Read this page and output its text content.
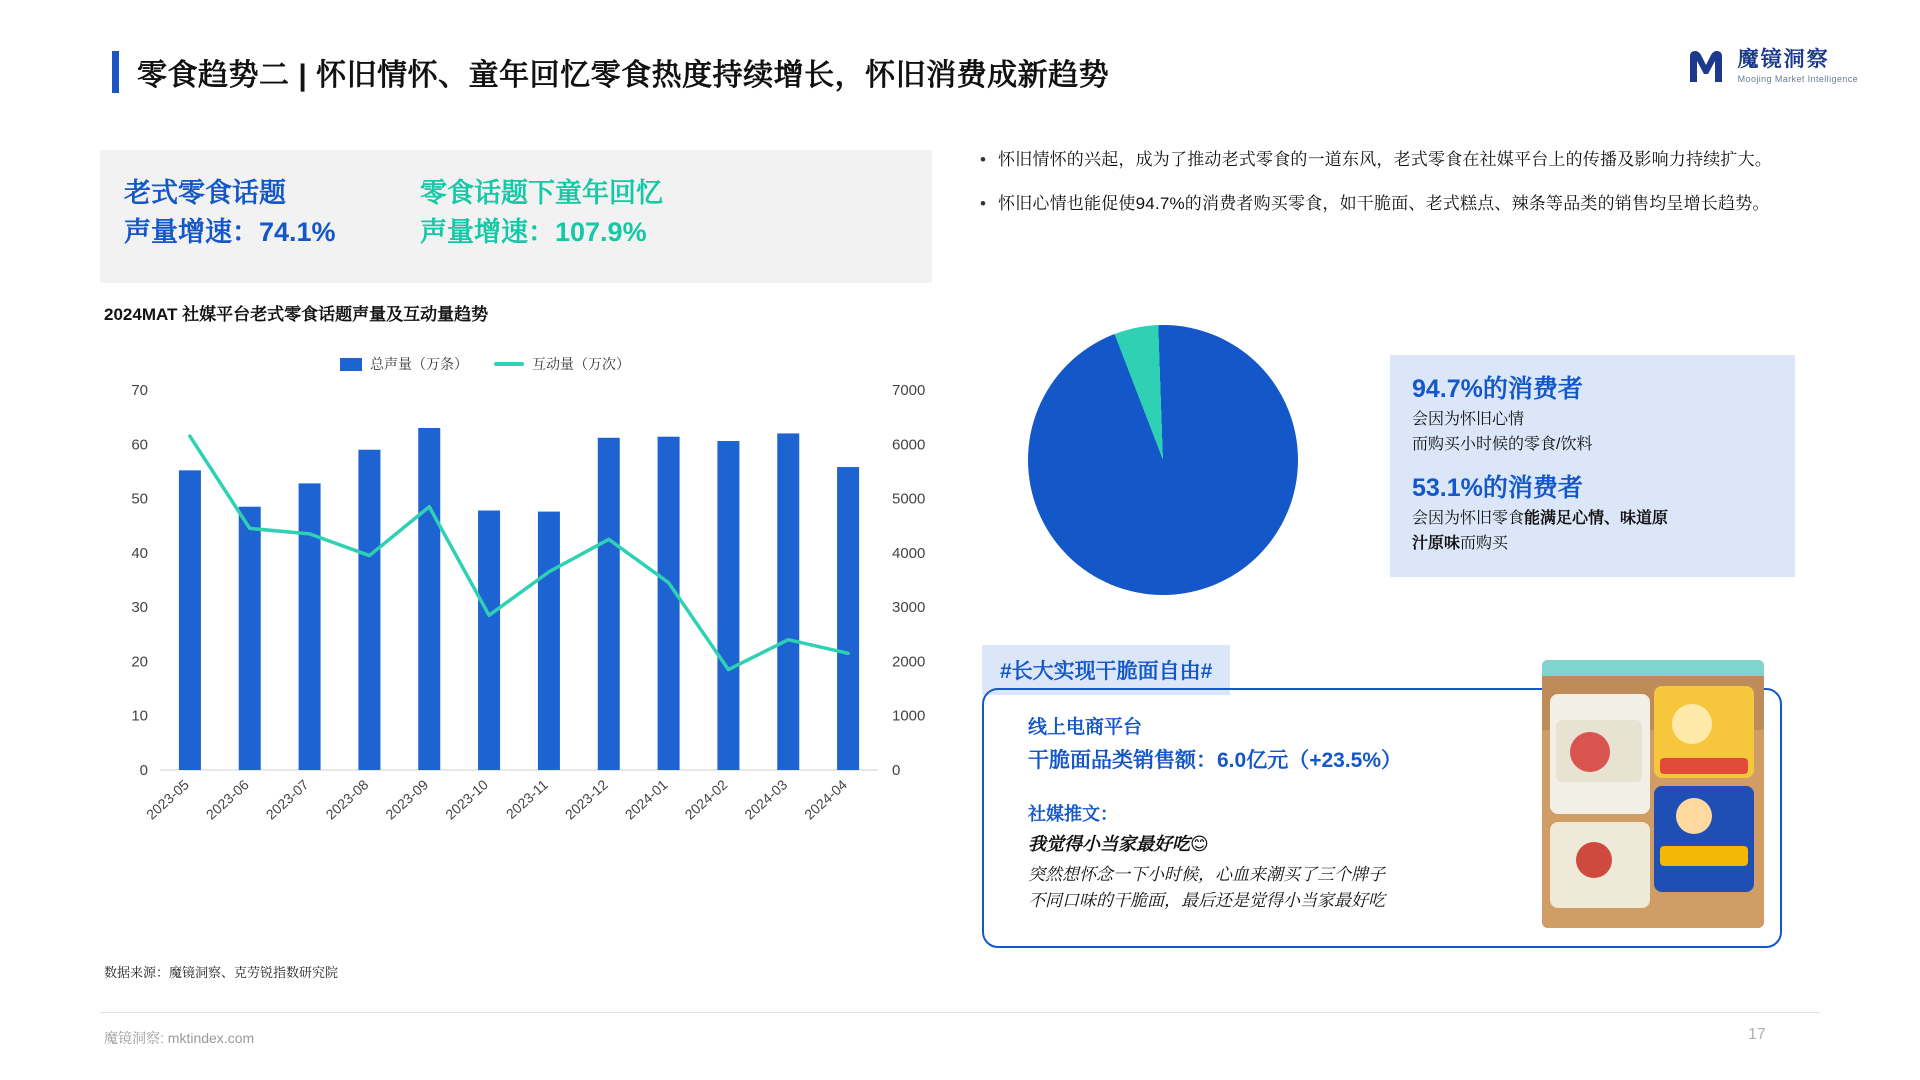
零食趋势二 | 怀旧情怀、童年回忆零食热度持续增长，怀旧消费成新趋势	魔镜洞察
Moojing Market Intelligence
老式零食话题
声量增速：74.1%
零食话题下童年回忆
声量增速：107.9%
2024MAT 社媒平台老式零食话题声量及互动量趋势
总声量（万条）	互动量（万次）
0
10
20
30
40
50
60
70
0
1000
2000
3000
4000
5000
6000
7000
2023-05 2023-06 2023-07 2023-08 2023-09 2023-10 2023-11 2023-12 2024-01 2024-02 2024-03 2024-04
数据来源：魔镜洞察、克劳锐指数研究院
• 怀旧情怀的兴起，成为了推动老式零食的一道东风，老式零食在社媒平台上的传播及影响力持续扩大。
• 怀旧心情也能促使94.7%的消费者购买零食，如干脆面、老式糕点、辣条等品类的销售均呈增长趋势。
94.7%的消费者
会因为怀旧心情
而购买小时候的零食/饮料
53.1%的消费者
会因为怀旧零食能满足心情、味道原
汁原味而购买
#长大实现干脆面自由#
线上电商平台
干脆面品类销售额：6.0亿元（+23.5%）
社媒推文：
我觉得小当家最好吃😊
突然想怀念一下小时候，心血来潮买了三个牌子
不同口味的干脆面，最后还是觉得小当家最好吃
魔镜洞察: mktindex.com	17
